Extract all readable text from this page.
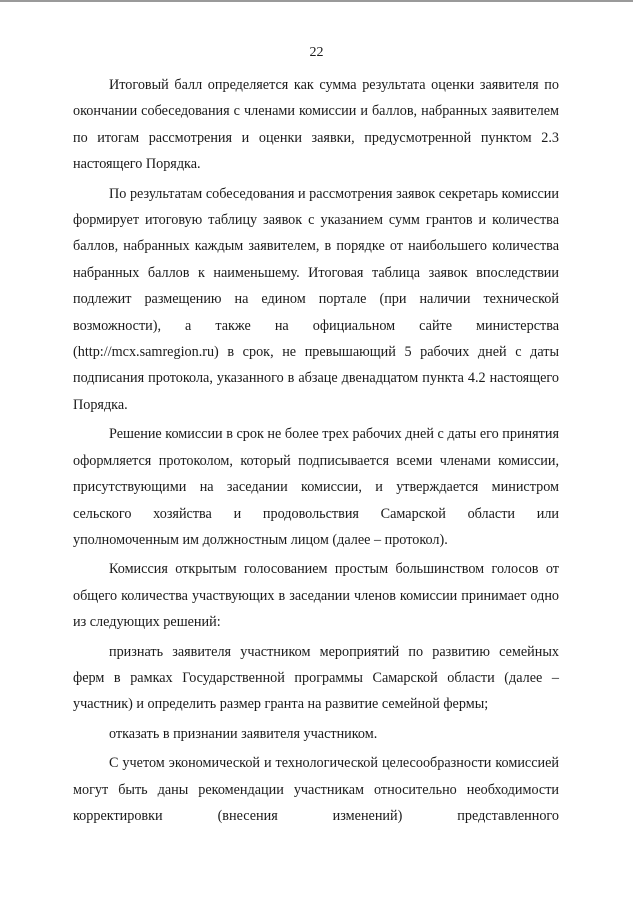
22

Итоговый балл определяется как сумма результата оценки заявителя по окончании собеседования с членами комиссии и баллов, набранных заявителем по итогам рассмотрения и оценки заявки, предусмотренной пунктом 2.3 настоящего Порядка.

По результатам собеседования и рассмотрения заявок секретарь комиссии формирует итоговую таблицу заявок с указанием сумм грантов и количества баллов, набранных каждым заявителем, в порядке от наибольшего количества набранных баллов к наименьшему. Итоговая таблица заявок впоследствии подлежит размещению на едином портале (при наличии технической возможности), а также на официальном сайте министерства (http://mcx.samregion.ru) в срок, не превышающий 5 рабочих дней с даты подписания протокола, указанного в абзаце двенадцатом пункта 4.2 настоящего Порядка.

Решение комиссии в срок не более трех рабочих дней с даты его принятия оформляется протоколом, который подписывается всеми членами комиссии, присутствующими на заседании комиссии, и утверждается министром сельского хозяйства и продовольствия Самарской области или уполномоченным им должностным лицом (далее – протокол).

Комиссия открытым голосованием простым большинством голосов от общего количества участвующих в заседании членов комиссии принимает одно из следующих решений:

признать заявителя участником мероприятий по развитию семейных ферм в рамках Государственной программы Самарской области (далее – участник) и определить размер гранта на развитие семейной фермы;

отказать в признании заявителя участником.

С учетом экономической и технологической целесообразности комиссией могут быть даны рекомендации участникам относительно необходимости корректировки (внесения изменений) представленного
